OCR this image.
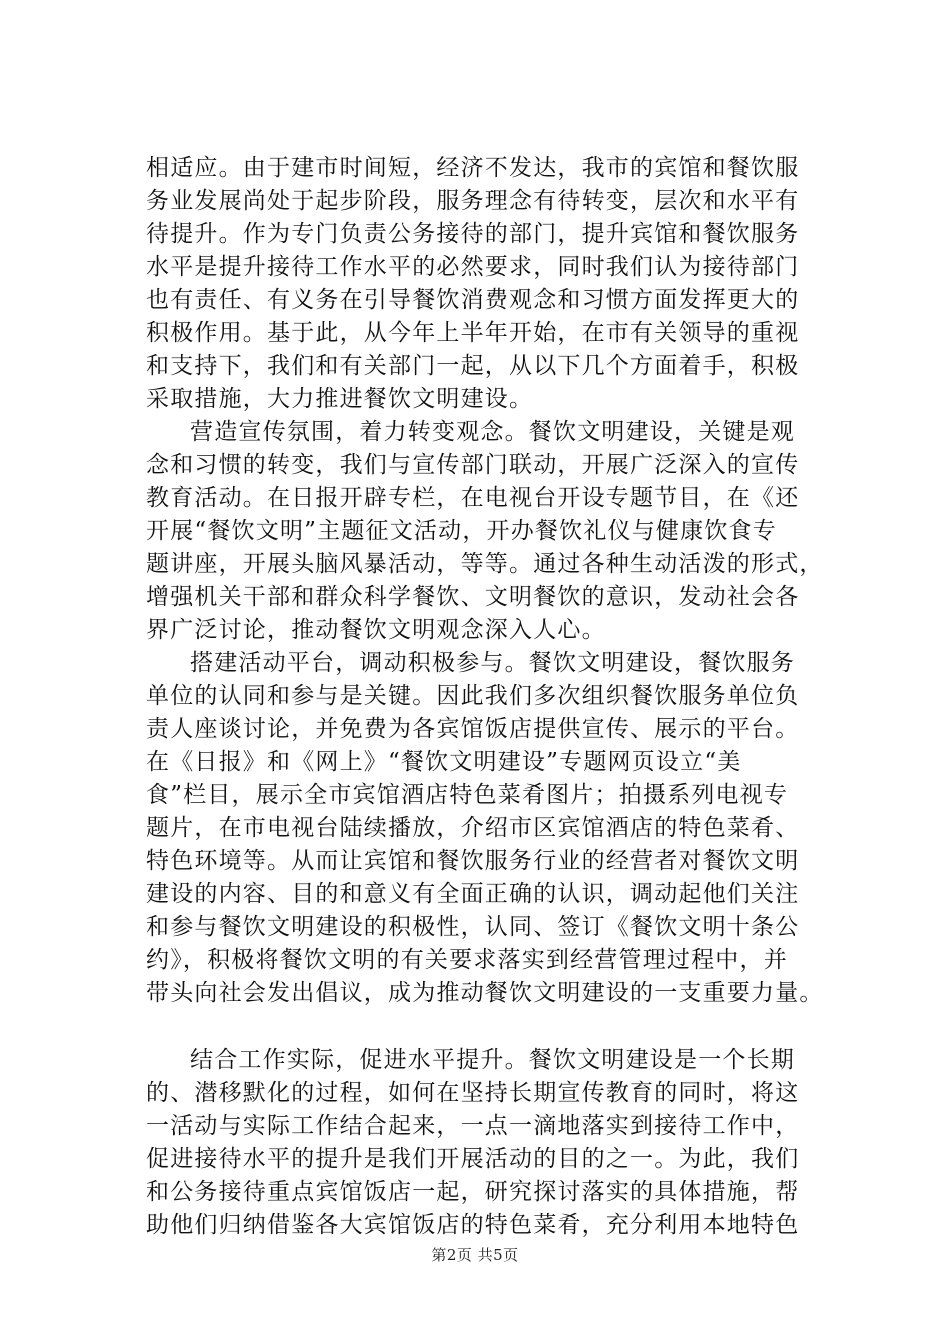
相适应。由于建市时间短，经济不发达，我市的宾馆和餐饮服
务业发展尚处于起步阶段，服务理念有待转变，层次和水平有
待提升。作为专门负责公务接待的部门，提升宾馆和餐饮服务
水平是提升接待工作水平的必然要求，同时我们认为接待部门
也有责任、有义务在引导餐饮消费观念和习惯方面发挥更大的
积极作用。基于此，从今年上半年开始，在市有关领导的重视
和支持下，我们和有关部门一起，从以下几个方面着手，积极
采取措施，大力推进餐饮文明建设。
营造宣传氛围，着力转变观念。餐饮文明建设，关键是观
念和习惯的转变，我们与宣传部门联动，开展广泛深入的宣传
教育活动。在日报开辟专栏，在电视台开设专题节目，在《还
开展“餐饮文明”主题征文活动，开办餐饮礼仪与健康饮食专
题讲座，开展头脑风暴活动，等等。通过各种生动活泼的形式，
增强机关干部和群众科学餐饮、文明餐饮的意识，发动社会各
界广泛讨论，推动餐饮文明观念深入人心。
搭建活动平台，调动积极参与。餐饮文明建设，餐饮服务
单位的认同和参与是关键。因此我们多次组织餐饮服务单位负
责人座谈讨论，并免费为各宾馆饭店提供宣传、展示的平台。
在《日报》和《网上》“餐饮文明建设”专题网页设立“美
食”栏目，展示全市宾馆酒店特色菜肴图片；拍摄系列电视专
题片，在市电视台陆续播放，介绍市区宾馆酒店的特色菜肴、
特色环境等。从而让宾馆和餐饮服务行业的经营者对餐饮文明
建设的内容、目的和意义有全面正确的认识，调动起他们关注
和参与餐饮文明建设的积极性，认同、签订《餐饮文明十条公
约》，积极将餐饮文明的有关要求落实到经营管理过程中，并
带头向社会发出倡议，成为推动餐饮文明建设的一支重要力量。
结合工作实际，促进水平提升。餐饮文明建设是一个长期
的、潜移默化的过程，如何在坚持长期宣传教育的同时，将这
一活动与实际工作结合起来，一点一滴地落实到接待工作中，
促进接待水平的提升是我们开展活动的目的之一。为此，我们
和公务接待重点宾馆饭店一起，研究探讨落实的具体措施，帮
助他们归纳借鉴各大宾馆饭店的特色菜肴，充分利用本地特色
第2页 共5页
